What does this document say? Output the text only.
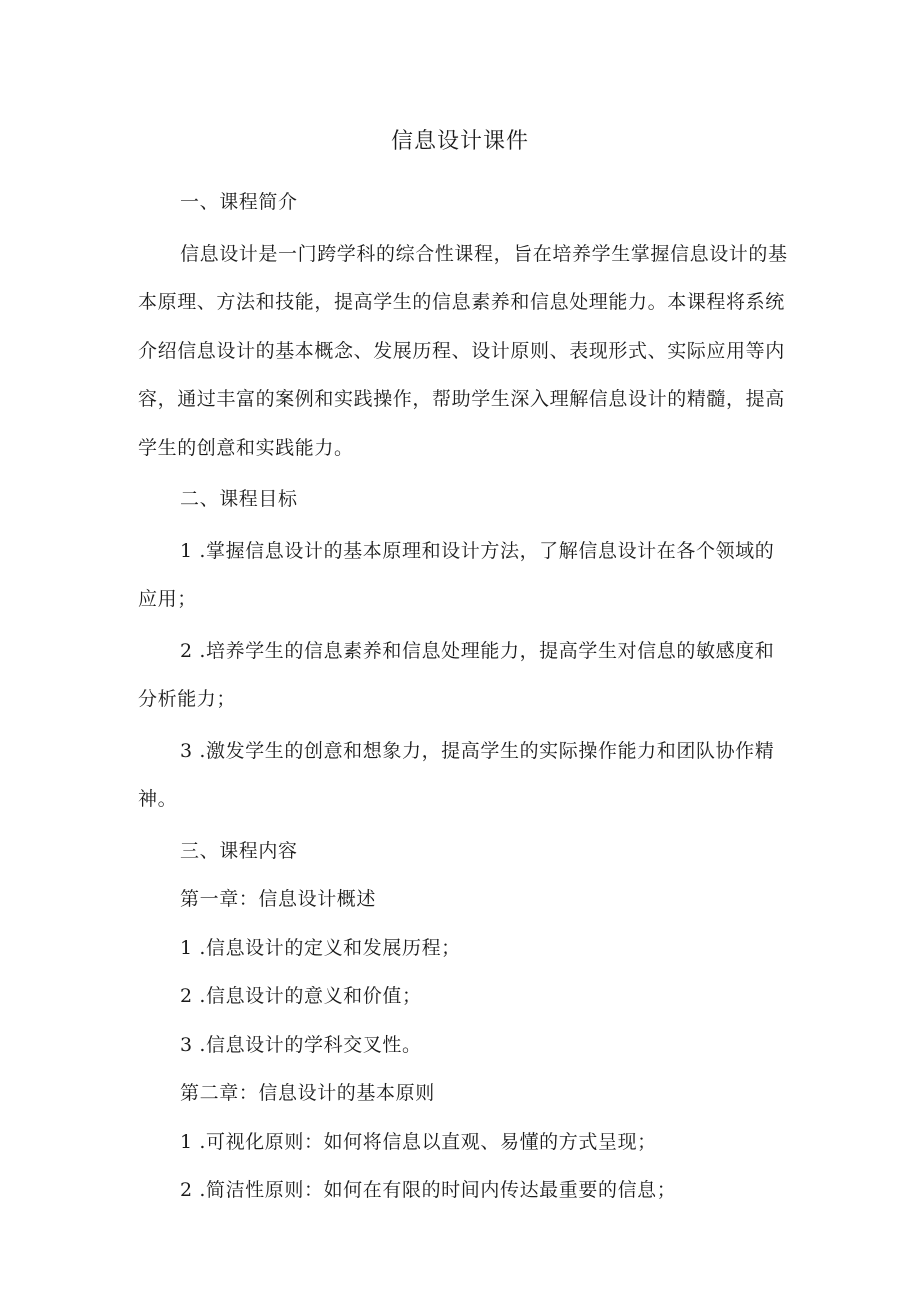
信息设计课件

一、课程简介

信息设计是一门跨学科的综合性课程，旨在培养学生掌握信息设计的基本原理、方法和技能，提高学生的信息素养和信息处理能力。本课程将系统介绍信息设计的基本概念、发展历程、设计原则、表现形式、实际应用等内容，通过丰富的案例和实践操作，帮助学生深入理解信息设计的精髓，提高学生的创意和实践能力。

二、课程目标

1 .掌握信息设计的基本原理和设计方法，了解信息设计在各个领域的应用；

2 .培养学生的信息素养和信息处理能力，提高学生对信息的敏感度和分析能力；

3 .激发学生的创意和想象力，提高学生的实际操作能力和团队协作精神。

三、课程内容

第一章：信息设计概述

1 .信息设计的定义和发展历程；

2 .信息设计的意义和价值；

3 .信息设计的学科交叉性。

第二章：信息设计的基本原则

1 .可视化原则：如何将信息以直观、易懂的方式呈现；

2 .简洁性原则：如何在有限的时间内传达最重要的信息；
